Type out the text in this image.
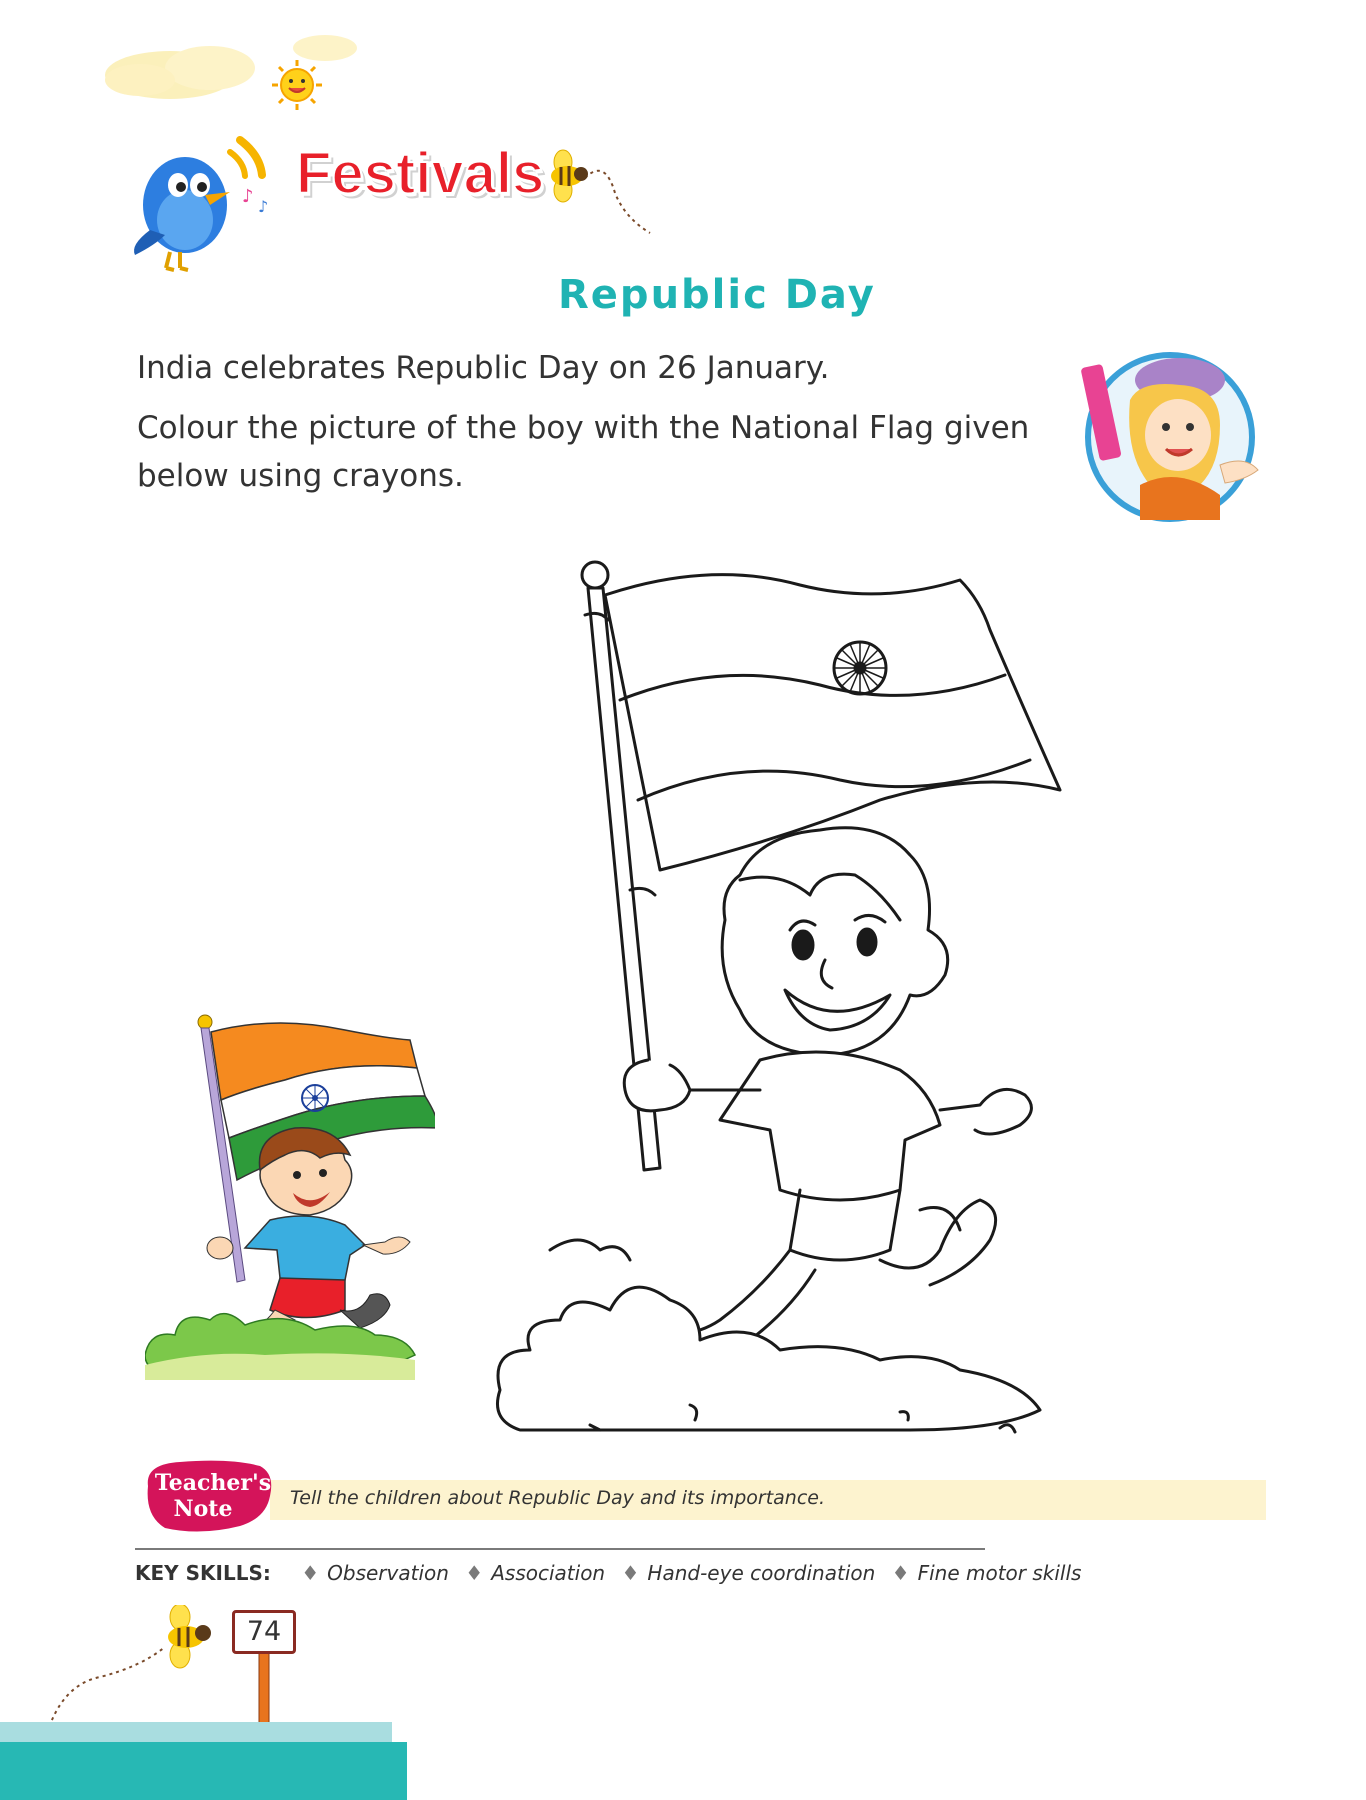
♪ ♪
Festivals
Republic Day
India celebrates Republic Day on 26 January.
Colour the picture of the boy with the National Flag given below using crayons.
Teacher's
Note	Tell the children about Republic Day and its importance.
KEY SKILLS: ♦ Observation ♦ Association ♦ Hand-eye coordination ♦ Fine motor skills
74
